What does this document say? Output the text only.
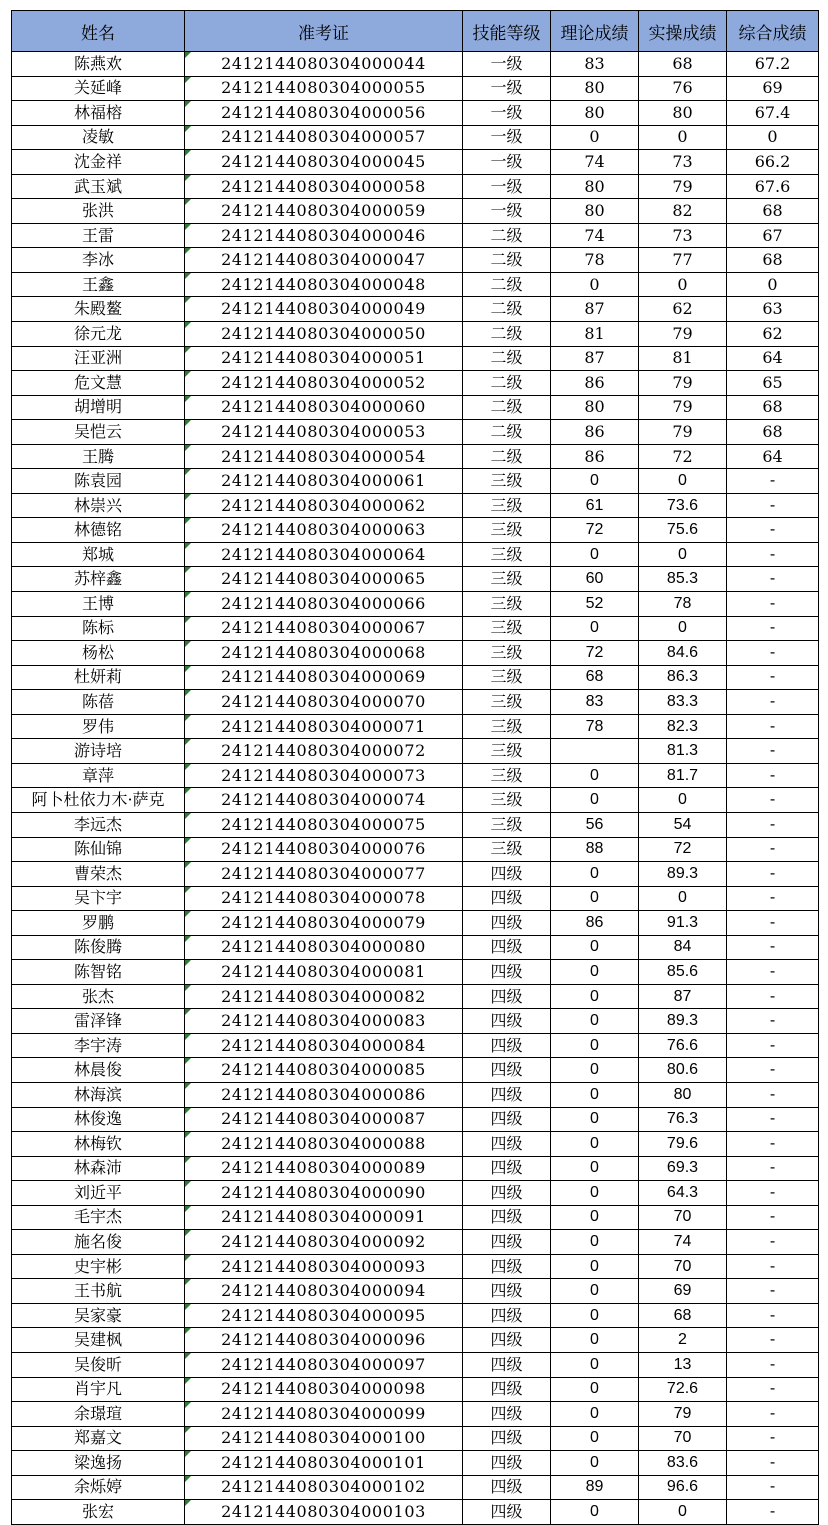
姓名	准考证	技能等级	理论成绩	实操成绩	综合成绩
陈燕欢	2412144080304000044	一级	83	68	67.2
关延峰	2412144080304000055	一级	80	76	69
林福榕	2412144080304000056	一级	80	80	67.4
凌敏	2412144080304000057	一级	0	0	0
沈金祥	2412144080304000045	一级	74	73	66.2
武玉斌	2412144080304000058	一级	80	79	67.6
张洪	2412144080304000059	一级	80	82	68
王雷	2412144080304000046	二级	74	73	67
李冰	2412144080304000047	二级	78	77	68
王鑫	2412144080304000048	二级	0	0	0
朱殿鳌	2412144080304000049	二级	87	62	63
徐元龙	2412144080304000050	二级	81	79	62
汪亚洲	2412144080304000051	二级	87	81	64
危文慧	2412144080304000052	二级	86	79	65
胡增明	2412144080304000060	二级	80	79	68
吴恺云	2412144080304000053	二级	86	79	68
王腾	2412144080304000054	二级	86	72	64
陈袁园	2412144080304000061	三级	0	0	-
林崇兴	2412144080304000062	三级	61	73.6	-
林德铭	2412144080304000063	三级	72	75.6	-
郑城	2412144080304000064	三级	0	0	-
苏梓鑫	2412144080304000065	三级	60	85.3	-
王博	2412144080304000066	三级	52	78	-
陈标	2412144080304000067	三级	0	0	-
杨松	2412144080304000068	三级	72	84.6	-
杜妍莉	2412144080304000069	三级	68	86.3	-
陈蓓	2412144080304000070	三级	83	83.3	-
罗伟	2412144080304000071	三级	78	82.3	-
游诗培	2412144080304000072	三级		81.3	-
章萍	2412144080304000073	三级	0	81.7	-
阿卜杜依力木·萨克	2412144080304000074	三级	0	0	-
李远杰	2412144080304000075	三级	56	54	-
陈仙锦	2412144080304000076	三级	88	72	-
曹荣杰	2412144080304000077	四级	0	89.3	-
吴卞宇	2412144080304000078	四级	0	0	-
罗鹏	2412144080304000079	四级	86	91.3	-
陈俊腾	2412144080304000080	四级	0	84	-
陈智铭	2412144080304000081	四级	0	85.6	-
张杰	2412144080304000082	四级	0	87	-
雷泽锋	2412144080304000083	四级	0	89.3	-
李宇涛	2412144080304000084	四级	0	76.6	-
林晨俊	2412144080304000085	四级	0	80.6	-
林海滨	2412144080304000086	四级	0	80	-
林俊逸	2412144080304000087	四级	0	76.3	-
林梅钦	2412144080304000088	四级	0	79.6	-
林森沛	2412144080304000089	四级	0	69.3	-
刘近平	2412144080304000090	四级	0	64.3	-
毛宇杰	2412144080304000091	四级	0	70	-
施名俊	2412144080304000092	四级	0	74	-
史宇彬	2412144080304000093	四级	0	70	-
王书航	2412144080304000094	四级	0	69	-
吴家豪	2412144080304000095	四级	0	68	-
吴建枫	2412144080304000096	四级	0	2	-
吴俊昕	2412144080304000097	四级	0	13	-
肖宇凡	2412144080304000098	四级	0	72.6	-
余璟瑄	2412144080304000099	四级	0	79	-
郑嘉文	2412144080304000100	四级	0	70	-
梁逸扬	2412144080304000101	四级	0	83.6	-
余烁婷	2412144080304000102	四级	89	96.6	-
张宏	2412144080304000103	四级	0	0	-
